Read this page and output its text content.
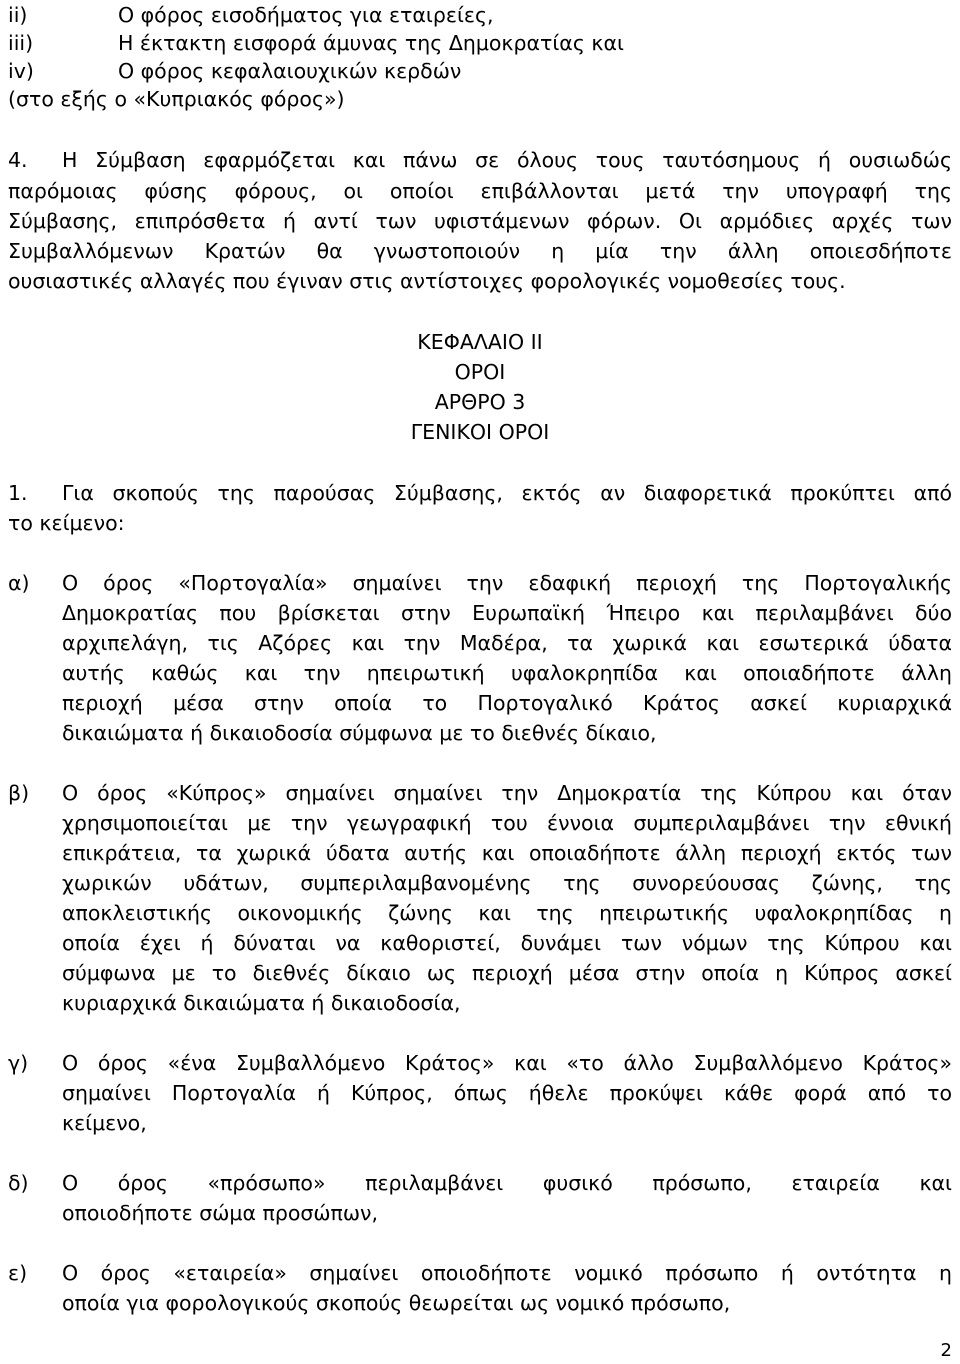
ii)	Ο φόρος εισοδήματος για εταιρείες,
iii)	Η έκτακτη εισφορά άμυνας της Δημοκρατίας και
iv)	Ο φόρος κεφαλαιουχικών κερδών
(στο εξής ο «Κυπριακός φόρος»)
4. Η Σύμβαση εφαρμόζεται και πάνω σε όλους τους ταυτόσημους ή ουσιωδώς
παρόμοιας φύσης φόρους, οι οποίοι επιβάλλονται μετά την υπογραφή της
Σύμβασης, επιπρόσθετα ή αντί των υφιστάμενων φόρων. Οι αρμόδιες αρχές των
Συμβαλλόμενων Κρατών θα γνωστοποιούν η μία την άλλη οποιεσδήποτε
ουσιαστικές αλλαγές που έγιναν στις αντίστοιχες φορολογικές νομοθεσίες τους.
ΚΕΦΑΛΑΙΟ ΙΙ
ΟΡΟΙ
ΑΡΘΡΟ 3
ΓΕΝΙΚΟΙ ΟΡΟΙ
1. Για σκοπούς της παρούσας Σύμβασης, εκτός αν διαφορετικά προκύπτει από
το κείμενο:
α) Ο όρος «Πορτογαλία» σημαίνει την εδαφική περιοχή της Πορτογαλικής
Δημοκρατίας που βρίσκεται στην Ευρωπαϊκή Ήπειρο και περιλαμβάνει δύο
αρχιπελάγη, τις Αζόρες και την Μαδέρα, τα χωρικά και εσωτερικά ύδατα
αυτής καθώς και την ηπειρωτική υφαλοκρηπίδα και οποιαδήποτε άλλη
περιοχή μέσα στην οποία το Πορτογαλικό Κράτος ασκεί κυριαρχικά
δικαιώματα ή δικαιοδοσία σύμφωνα με το διεθνές δίκαιο,
β) Ο όρος «Κύπρος» σημαίνει σημαίνει την Δημοκρατία της Κύπρου και όταν
χρησιμοποιείται με την γεωγραφική του έννοια συμπεριλαμβάνει την εθνική
επικράτεια, τα χωρικά ύδατα αυτής και οποιαδήποτε άλλη περιοχή εκτός των
χωρικών υδάτων, συμπεριλαμβανομένης της συνορεύουσας ζώνης, της
αποκλειστικής οικονομικής ζώνης και της ηπειρωτικής υφαλοκρηπίδας η
οποία έχει ή δύναται να καθοριστεί, δυνάμει των νόμων της Κύπρου και
σύμφωνα με το διεθνές δίκαιο ως περιοχή μέσα στην οποία η Κύπρος ασκεί
κυριαρχικά δικαιώματα ή δικαιοδοσία,
γ) Ο όρος «ένα Συμβαλλόμενο Κράτος» και «το άλλο Συμβαλλόμενο Κράτος»
σημαίνει Πορτογαλία ή Κύπρος, όπως ήθελε προκύψει κάθε φορά από το
κείμενο,
δ) Ο όρος «πρόσωπο» περιλαμβάνει φυσικό πρόσωπο, εταιρεία και
οποιοδήποτε σώμα προσώπων,
ε) Ο όρος «εταιρεία» σημαίνει οποιοδήποτε νομικό πρόσωπο ή οντότητα η
οποία για φορολογικούς σκοπούς θεωρείται ως νομικό πρόσωπο,
2
